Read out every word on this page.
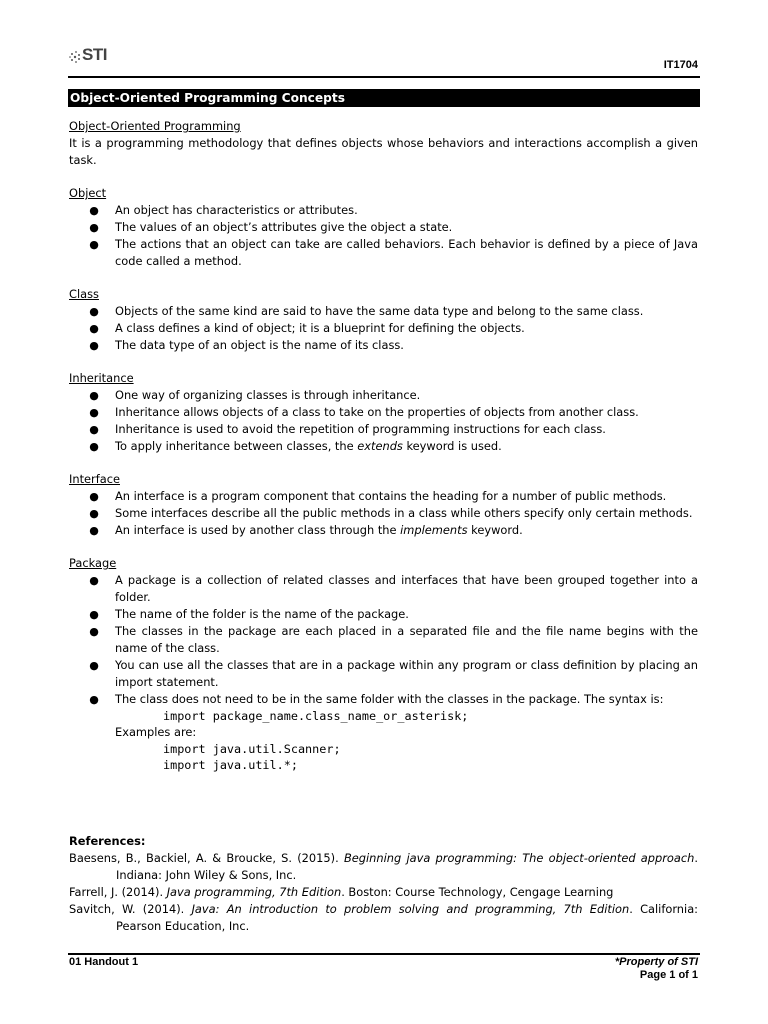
STI
IT1704
Object-Oriented Programming Concepts
Object-Oriented Programming

It is a programming methodology that defines objects whose behaviors and interactions accomplish a given task.

Object
● An object has characteristics or attributes.
● The values of an object’s attributes give the object a state.
● The actions that an object can take are called behaviors. Each behavior is defined by a piece of Java code called a method.
Class
● Objects of the same kind are said to have the same data type and belong to the same class.
● A class defines a kind of object; it is a blueprint for defining the objects.
● The data type of an object is the name of its class.
Inheritance
● One way of organizing classes is through inheritance.
● Inheritance allows objects of a class to take on the properties of objects from another class.
● Inheritance is used to avoid the repetition of programming instructions for each class.
● To apply inheritance between classes, the extends keyword is used.
Interface
● An interface is a program component that contains the heading for a number of public methods.
● Some interfaces describe all the public methods in a class while others specify only certain methods.
● An interface is used by another class through the implements keyword.
Package
● A package is a collection of related classes and interfaces that have been grouped together into a folder.
● The name of the folder is the name of the package.
● The classes in the package are each placed in a separated file and the file name begins with the name of the class.
● You can use all the classes that are in a package within any program or class definition by placing an import statement.
● The class does not need to be in the same folder with the classes in the package. The syntax is:
import package_name.class_name_or_asterisk;
Examples are:
import java.util.Scanner;
import java.util.*;
References:
Baesens, B., Backiel, A. & Broucke, S. (2015). Beginning java programming: The object-oriented approach. Indiana: John Wiley & Sons, Inc.
Farrell, J. (2014). Java programming, 7th Edition. Boston: Course Technology, Cengage Learning
Savitch, W. (2014). Java: An introduction to problem solving and programming, 7th Edition. California: Pearson Education, Inc.
01 Handout 1	*Property of STI
Page 1 of 1
